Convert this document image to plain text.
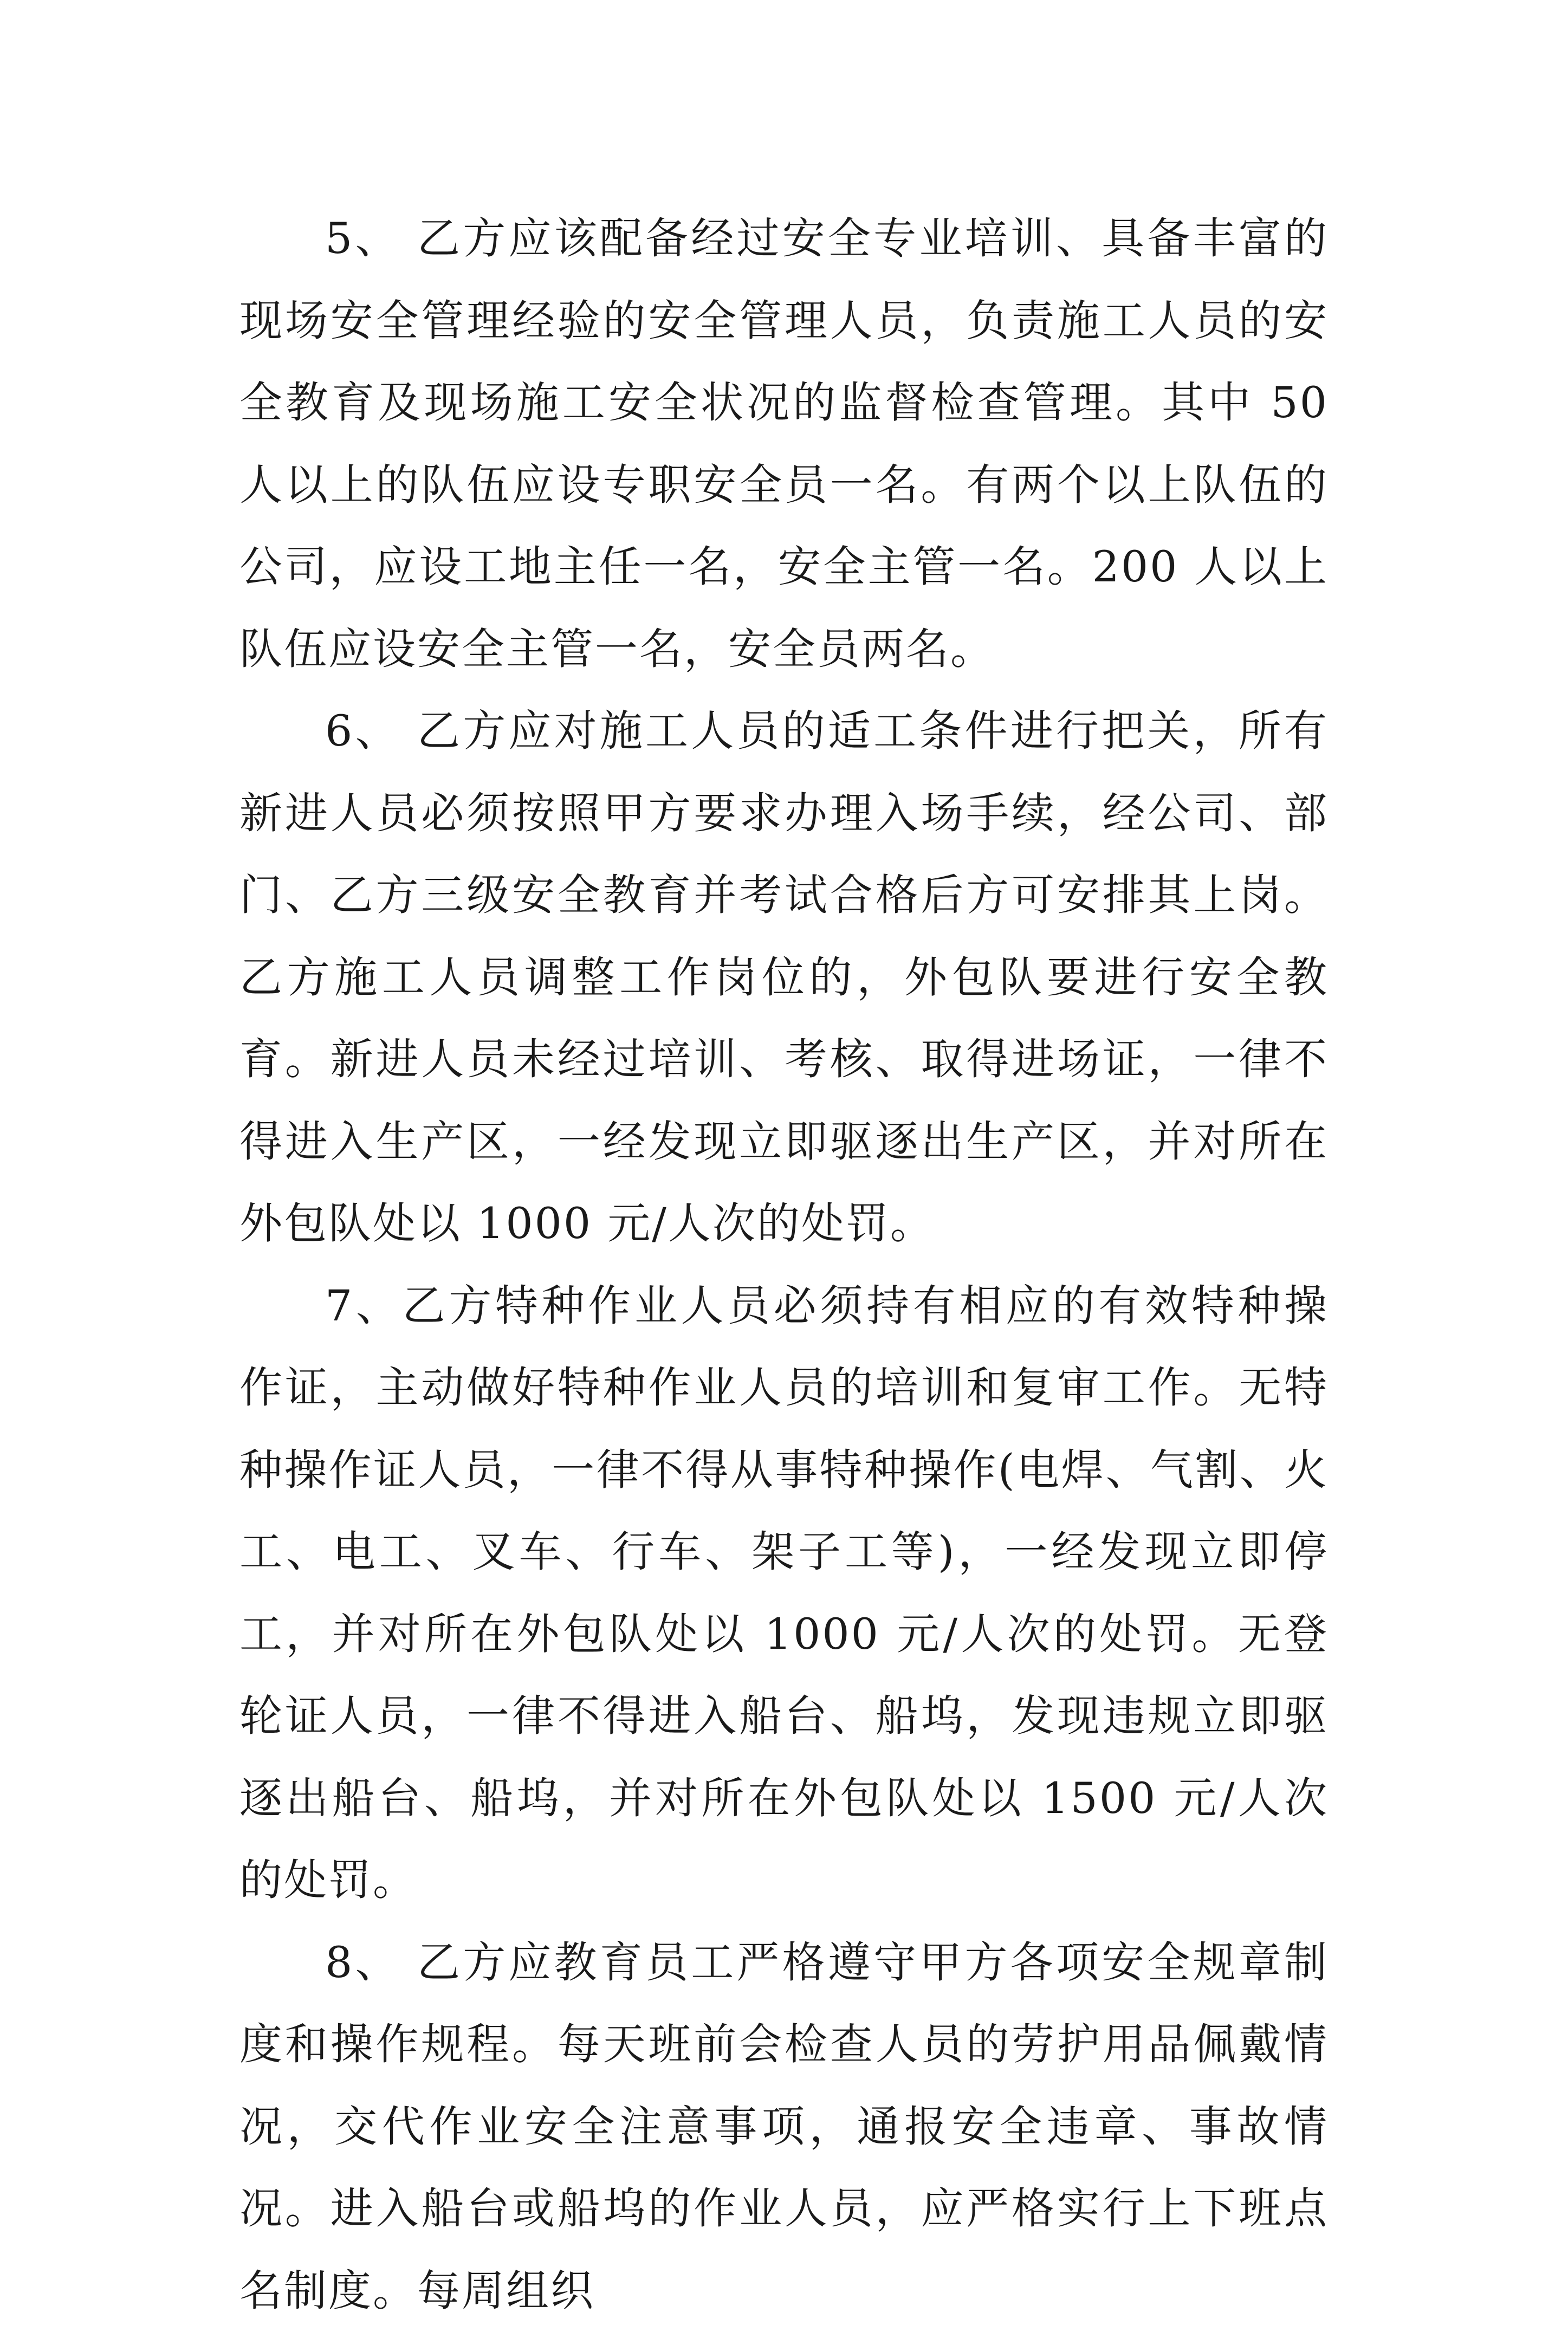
5、 乙方应该配备经过安全专业培训、具备丰富的现场安全管理经验的安全管理人员，负责施工人员的安全教育及现场施工安全状况的监督检查管理。其中 50 人以上的队伍应设专职安全员一名。有两个以上队伍的公司，应设工地主任一名，安全主管一名。200 人以上队伍应设安全主管一名，安全员两名。

6、 乙方应对施工人员的适工条件进行把关，所有新进人员必须按照甲方要求办理入场手续，经公司、部门、乙方三级安全教育并考试合格后方可安排其上岗。乙方施工人员调整工作岗位的，外包队要进行安全教育。新进人员未经过培训、考核、取得进场证，一律不得进入生产区，一经发现立即驱逐出生产区，并对所在外包队处以 1000 元/人次的处罚。

7、乙方特种作业人员必须持有相应的有效特种操作证，主动做好特种作业人员的培训和复审工作。无特种操作证人员，一律不得从事特种操作(电焊、气割、火工、电工、叉车、行车、架子工等)，一经发现立即停工，并对所在外包队处以 1000 元/人次的处罚。无登轮证人员，一律不得进入船台、船坞，发现违规立即驱逐出船台、船坞，并对所在外包队处以 1500 元/人次的处罚。

8、 乙方应教育员工严格遵守甲方各项安全规章制度和操作规程。每天班前会检查人员的劳护用品佩戴情况，交代作业安全注意事项，通报安全违章、事故情况。进入船台或船坞的作业人员，应严格实行上下班点名制度。每周组织
